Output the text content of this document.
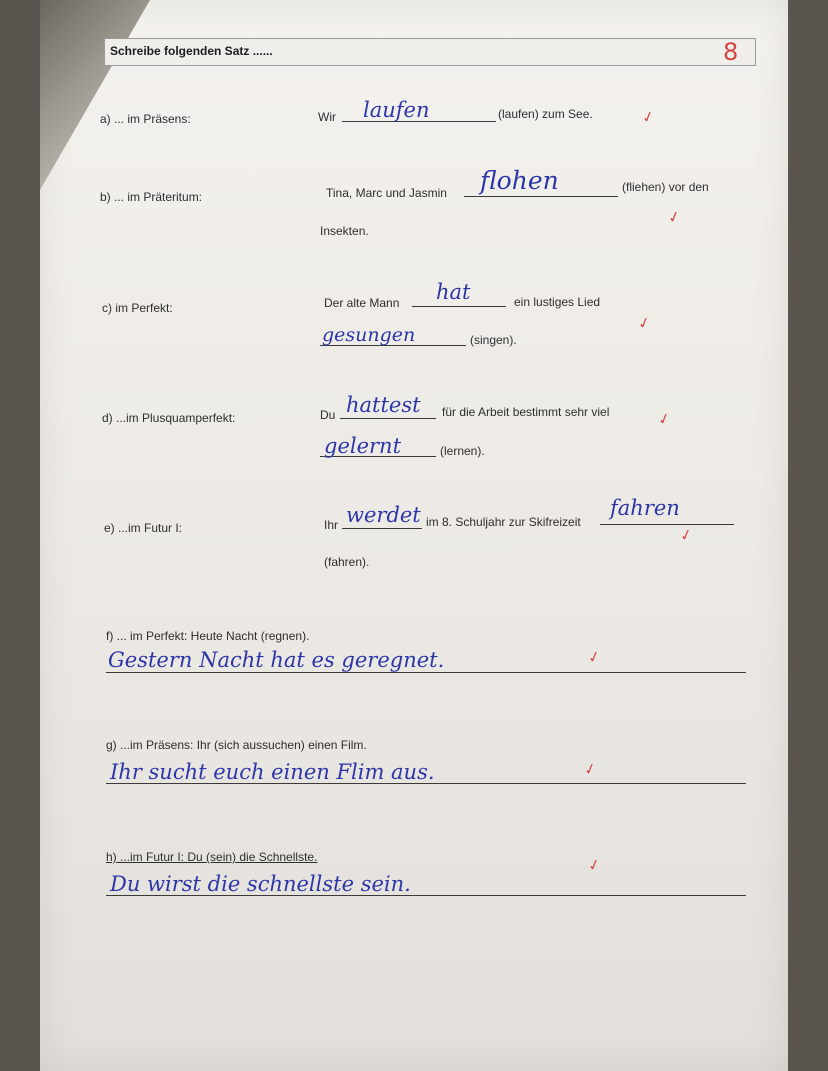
Schreibe folgenden Satz ......	8
a) ... im Präsens:	Wir laufen	(laufen) zum See.	✓
b) ... im Präteritum:	Tina, Marc und Jasmin flohen	(fliehen) vor den
Insekten.
✓
c) im Perfekt:	Der alte Mann hat	ein lustiges Lied
gesungen	(singen).
✓
d) ...im Plusquamperfekt:	Du hattest für die Arbeit bestimmt sehr viel
gelernt	(lernen).
✓
e) ...im Futur I:	Ihr werdet im 8. Schuljahr zur Skifreizeit
fahren
(fahren).
✓
f) ... im Perfekt: Heute Nacht (regnen).
Gestern Nacht hat es geregnet.	✓
g) ...im Präsens: Ihr (sich aussuchen) einen Film.
Ihr sucht euch einen Flim aus.	✓
h) ...im Futur I: Du (sein) die Schnellste.
Du wirst die schnellste sein.
✓
